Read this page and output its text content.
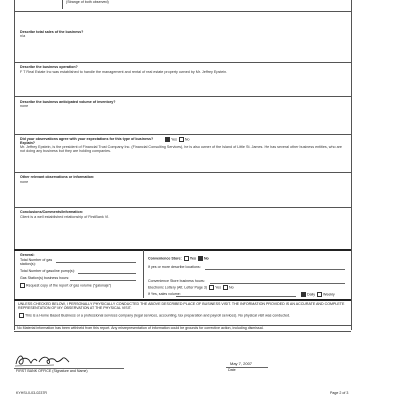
(Strange of both observed)
Describe total sales of the business?
n/a
Describe the business operation?
F T Real Estate Inc was established to handle the management and rental of real estate property owned by Mr. Jeffrey Epstein.
Describe the business anticipated volume of inventory?
none
Did your observations agree with your expectations for this type of business?	Yes No
Explain?
Mr. Jeffrey Epstein, is the president of Financial Trust Company Inc. (Financial Consulting Services), he is also owner of the Island of Little St. James. He has several other business entities, who are not doing any business but they are holding companies.
Other relevant observations or information:
none
Conclusions/Comments/Information:
Client is a well established relationship of FirstBank VI.
General:
Total Number of gas
station(s):
Total Number of gasoline pump(s):
Gas Station(s) business hours:
Request copy of the report of gas volume ("galonaje")
Convenience Store: Yes No
If yes or more describe locations:
Convenience Store business hours:
Electronic Lottery (Att. Letter Page 3) Yes No
If Yes, sales volume:	Daily Weekly
UNLESS CHECKED BELOW, I PERSONALLY PHYSICALLY CONDUCTED THE ABOVE DESCRIBED PLACE OF BUSINESS VISIT. THE INFORMATION PROVIDED IS AN ACCURATE AND COMPLETE REPRESENTATION OF MY OBSERVATION AT THE PHYSICAL VISIT.
This is a Home Based Business or a professional services company (legal services, accounting, tax preparation and payroll services). No physical visit was conducted.
No Material information has been withheld from this report. Any misrepresentation of information could be grounds for corrective action, including dismissal.
FIRST BANK OFFICE (Signature and Name)
May 7, 2007
Date
KYHSI-0-03-0237R	Page 2 of 3
